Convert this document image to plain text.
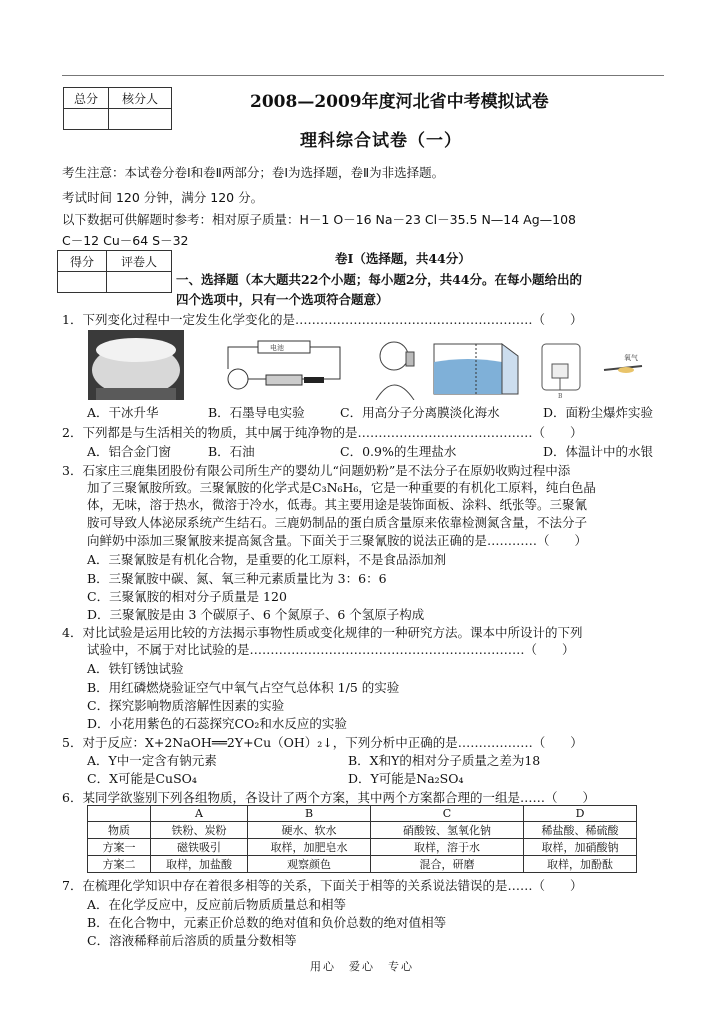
总分	核分人
		2008—2009年度河北省中考模拟试卷
理科综合试卷（一）
考生注意：本试卷分卷Ⅰ和卷Ⅱ两部分；卷Ⅰ为选择题，卷Ⅱ为非选择题。
考试时间 120 分钟，满分 120 分。
以下数据可供解题时参考：相对原子质量：H－1 O－16 Na－23 Cl－35.5 N—14 Ag—108
C－12 Cu－64 S－32
得分	评卷人
		卷Ⅰ（选择题，共44分）
一、选择题（本大题共22个小题；每小题2分，共44分。在每小题给出的
四个选项中，只有一个选项符合题意）
1．下列变化过程中一定发生化学变化的是…………………………………………………（　　）
电池
B
氧气
A．干冰升华	B．石墨导电实验	C．用高分子分离膜淡化海水	D．面粉尘爆炸实验
2．下列都是与生活相关的物质，其中属于纯净物的是……………………………………（　　）
A．铝合金门窗	B．石油	C．0.9%的生理盐水	D．体温计中的水银
3．石家庄三鹿集团股份有限公司所生产的婴幼儿“问题奶粉”是不法分子在原奶收购过程中添
加了三聚氰胺所致。三聚氰胺的化学式是C₃N₆H₆，它是一种重要的有机化工原料，纯白色晶
体，无味，溶于热水，微溶于冷水，低毒。其主要用途是装饰面板、涂料、纸张等。三聚氰
胺可导致人体泌尿系统产生结石。三鹿奶制品的蛋白质含量原来依靠检测氮含量，不法分子
向鲜奶中添加三聚氰胺来提高氮含量。下面关于三聚氰胺的说法正确的是…………（　　）
A．三聚氰胺是有机化合物，是重要的化工原料，不是食品添加剂
B．三聚氰胺中碳、氮、氧三种元素质量比为 3：6：6
C．三聚氰胺的相对分子质量是 120
D．三聚氰胺是由 3 个碳原子、6 个氮原子、6 个氢原子构成
4．对比试验是运用比较的方法揭示事物性质或变化规律的一种研究方法。课本中所设计的下列
试验中，不属于对比试验的是…………………………………………………………（　　）
A．铁钉锈蚀试验
B．用红磷燃烧验证空气中氧气占空气总体积 1/5 的实验
C．探究影响物质溶解性因素的实验
D．小花用紫色的石蕊探究CO₂和水反应的实验
5．对于反应：X+2NaOH══2Y+Cu（OH）₂↓，下列分析中正确的是………………（　　）
A．Y中一定含有钠元素	B．X和Y的相对分子质量之差为18
C．X可能是CuSO₄	D．Y可能是Na₂SO₄
6．某同学欲鉴别下列各组物质，各设计了两个方案，其中两个方案都合理的一组是……（　　）
	A	B	C	D
物质	铁粉、炭粉	硬水、软水	硝酸铵、氢氧化钠	稀盐酸、稀硫酸
方案一	磁铁吸引	取样，加肥皂水	取样，溶于水	取样，加硝酸钠
方案二	取样，加盐酸	观察颜色	混合，研磨	取样，加酚酞
7．在梳理化学知识中存在着很多相等的关系，下面关于相等的关系说法错误的是……（　　）
A．在化学反应中，反应前后物质质量总和相等
B．在化合物中，元素正价总数的绝对值和负价总数的绝对值相等
C．溶液稀释前后溶质的质量分数相等
用心　爱心　专心
